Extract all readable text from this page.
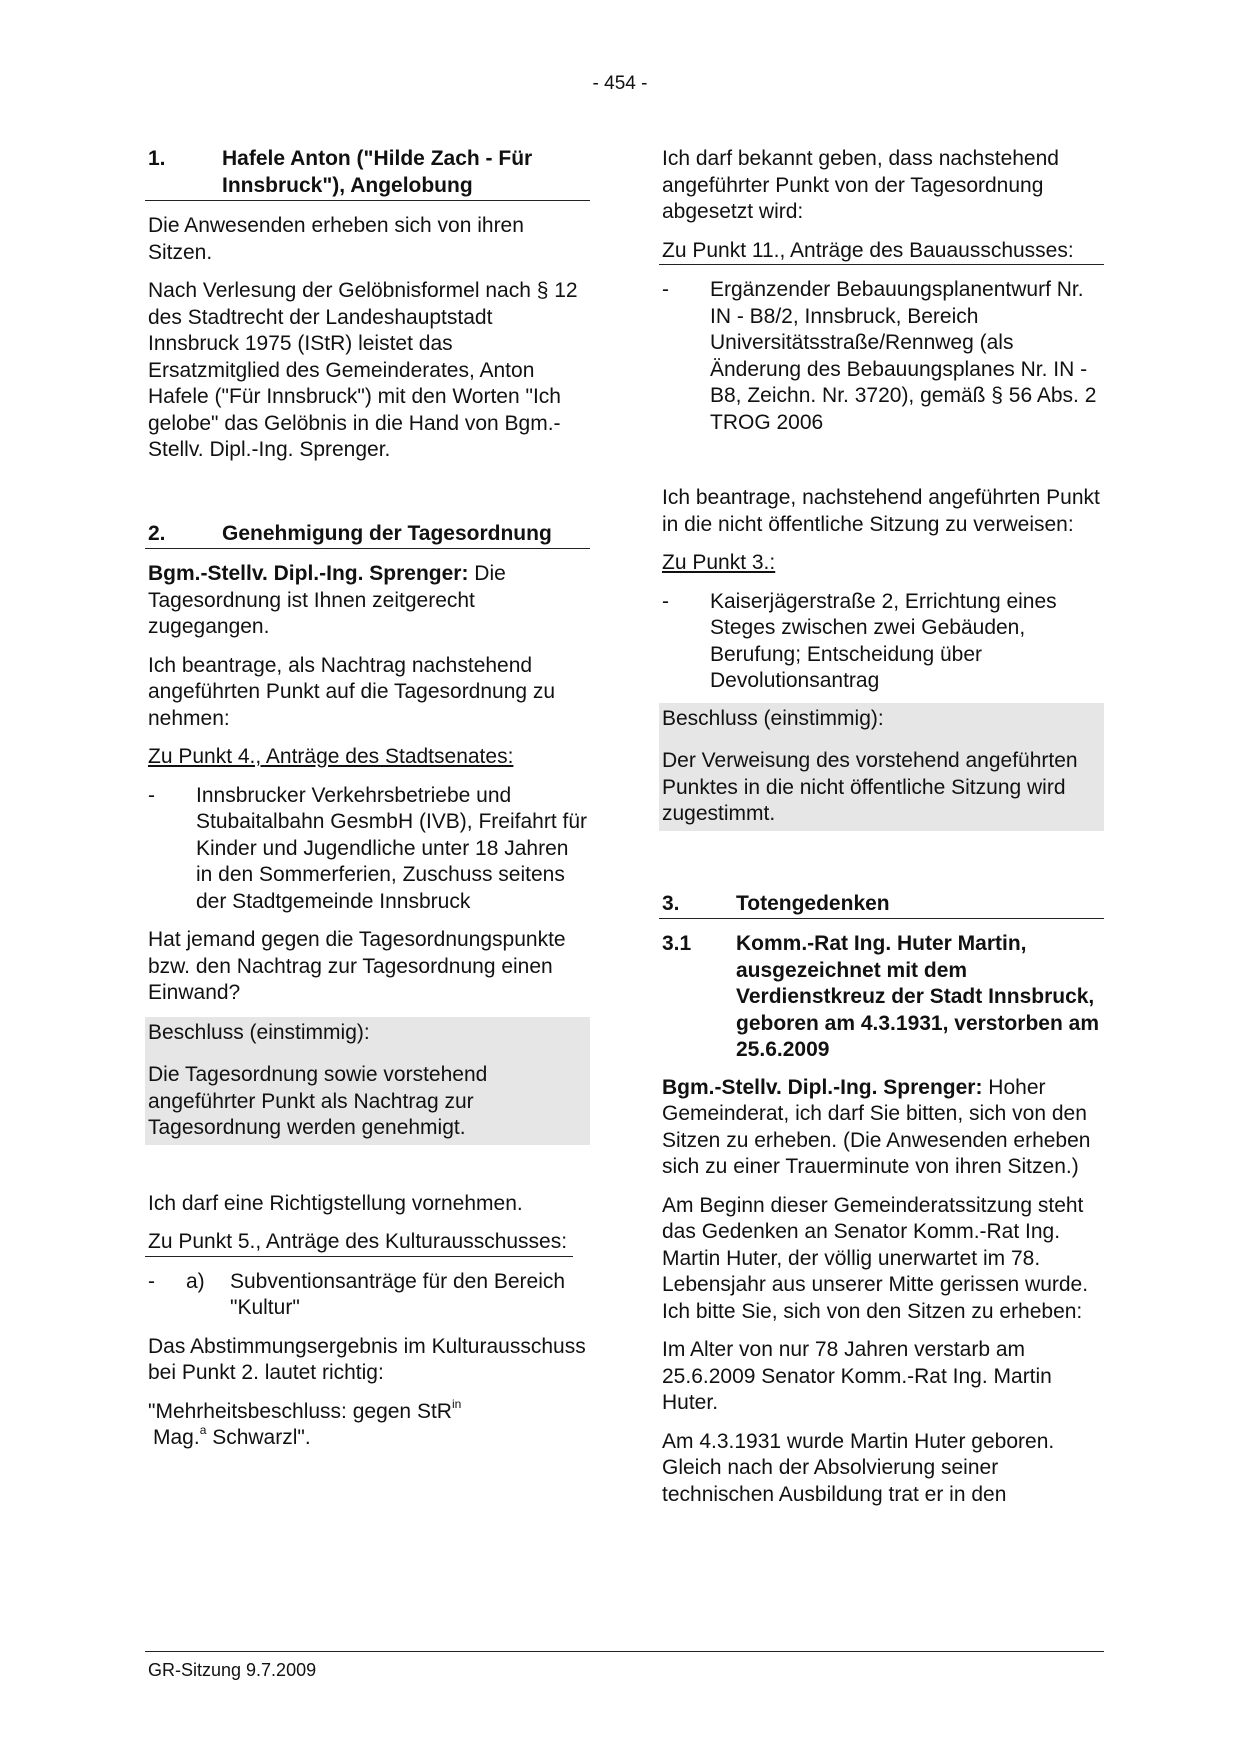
- 454 -
1.	Hafele Anton ("Hilde Zach - Für Innsbruck"), Angelobung

Die Anwesenden erheben sich von ihren Sitzen.

Nach Verlesung der Gelöbnisformel nach § 12 des Stadtrecht der Landeshauptstadt Innsbruck 1975 (IStR) leistet das Ersatzmitglied des Gemeinderates, Anton Hafele ("Für Innsbruck") mit den Worten "Ich gelobe" das Gelöbnis in die Hand von Bgm.-Stellv. Dipl.-Ing. Sprenger.

2.	Genehmigung der Tagesordnung

Bgm.-Stellv. Dipl.-Ing. Sprenger: Die Tagesordnung ist Ihnen zeitgerecht zugegangen.

Ich beantrage, als Nachtrag nachstehend angeführten Punkt auf die Tagesordnung zu nehmen:

Zu Punkt 4., Anträge des Stadtsenates:

-	Innsbrucker Verkehrsbetriebe und Stubaitalbahn GesmbH (IVB), Freifahrt für Kinder und Jugendliche unter 18 Jahren in den Sommerferien, Zuschuss seitens der Stadtgemeinde Innsbruck

Hat jemand gegen die Tagesordnungspunkte bzw. den Nachtrag zur Tagesordnung einen Einwand?

Beschluss (einstimmig):

Die Tagesordnung sowie vorstehend angeführter Punkt als Nachtrag zur Tagesordnung werden genehmigt.

Ich darf eine Richtigstellung vornehmen.

Zu Punkt 5., Anträge des Kulturausschusses:

-	a)	Subventionsanträge für den Bereich "Kultur"

Das Abstimmungsergebnis im Kulturausschuss bei Punkt 2. lautet richtig:

"Mehrheitsbeschluss: gegen StR$^{in}$

Mag.$^a$ Schwarzl".

Ich darf bekannt geben, dass nachstehend angeführter Punkt von der Tagesordnung abgesetzt wird:

Zu Punkt 11., Anträge des Bauausschusses:

-	Ergänzender Bebauungsplanentwurf Nr. IN - B8/2, Innsbruck, Bereich Universitätsstraße/Rennweg (als Änderung des Bebauungsplanes Nr. IN - B8, Zeichn. Nr. 3720), gemäß § 56 Abs. 2 TROG 2006

Ich beantrage, nachstehend angeführten Punkt in die nicht öffentliche Sitzung zu verweisen:

Zu Punkt 3.:

-	Kaiserjägerstraße 2, Errichtung eines Steges zwischen zwei Gebäuden, Berufung; Entscheidung über Devolutionsantrag

Beschluss (einstimmig):

Der Verweisung des vorstehend angeführten Punktes in die nicht öffentliche Sitzung wird zugestimmt.

3.	Totengedenken
3.1	Komm.-Rat Ing. Huter Martin, ausgezeichnet mit dem Verdienstkreuz der Stadt Innsbruck, geboren am 4.3.1931, verstorben am 25.6.2009

Bgm.-Stellv. Dipl.-Ing. Sprenger: Hoher Gemeinderat, ich darf Sie bitten, sich von den Sitzen zu erheben. (Die Anwesenden erheben sich zu einer Trauerminute von ihren Sitzen.)

Am Beginn dieser Gemeinderatssitzung steht das Gedenken an Senator Komm.-Rat Ing. Martin Huter, der völlig unerwartet im 78. Lebensjahr aus unserer Mitte gerissen wurde. Ich bitte Sie, sich von den Sitzen zu erheben:

Im Alter von nur 78 Jahren verstarb am 25.6.2009 Senator Komm.-Rat Ing. Martin Huter.

Am 4.3.1931 wurde Martin Huter geboren. Gleich nach der Absolvierung seiner technischen Ausbildung trat er in den

GR-Sitzung 9.7.2009
